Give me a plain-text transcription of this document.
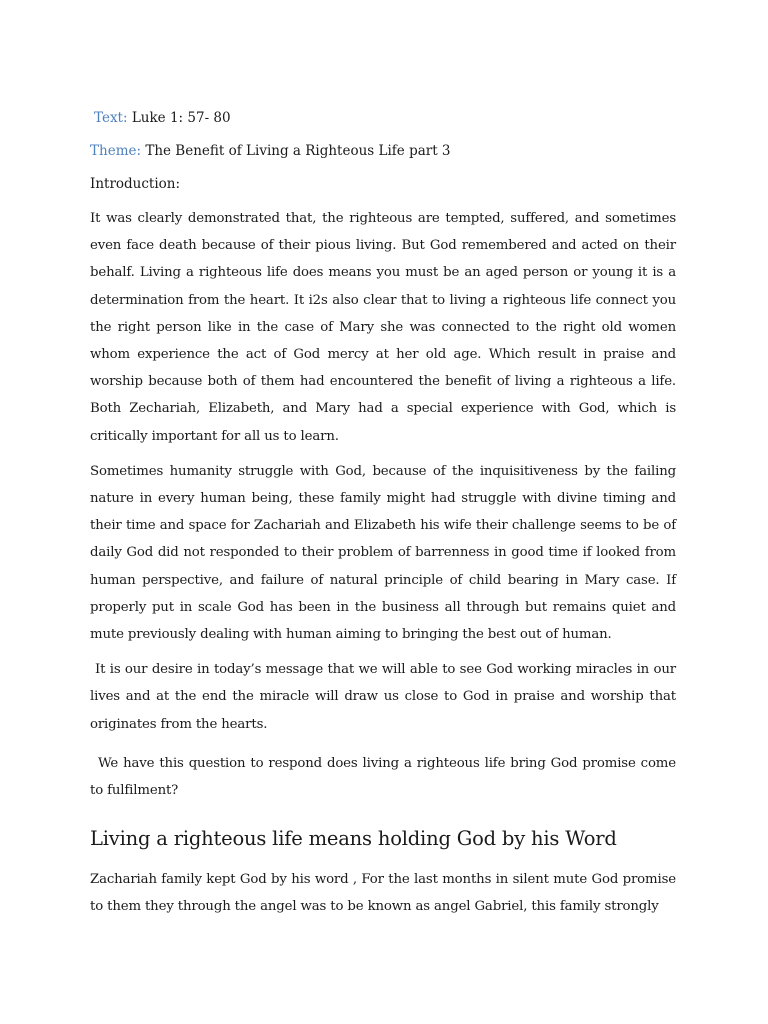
Text: Luke 1: 57- 80
Theme: The Benefit of Living a Righteous Life part 3
Introduction:

It was clearly demonstrated that, the righteous are tempted, suffered, and sometimes even face death because of their pious living. But God remembered and acted on their behalf. Living a righteous life does means you must be an aged person or young it is a determination from the heart. It i2s also clear that to living a righteous life connect you the right person like in the case of Mary she was connected to the right old women whom experience the act of God mercy at her old age. Which result in praise and worship because both of them had encountered the benefit of living a righteous a life. Both Zechariah, Elizabeth, and Mary had a special experience with God, which is critically important for all us to learn.

Sometimes humanity struggle with God, because of the inquisitiveness by the failing nature in every human being, these family might had struggle with divine timing and their time and space for Zachariah and Elizabeth his wife their challenge seems to be of daily God did not responded to their problem of barrenness in good time if looked from human perspective, and failure of natural principle of child bearing in Mary case. If properly put in scale God has been in the business all through but remains quiet and mute previously dealing with human aiming to bringing the best out of human.

It is our desire in today’s message that we will able to see God working miracles in our lives and at the end the miracle will draw us close to God in praise and worship that originates from the hearts.

We have this question to respond does living a righteous life bring God promise come to fulfilment?

Living a righteous life means holding God by his Word

Zachariah family kept God by his word , For the last months in silent mute God promise to them they through the angel was to be known as angel Gabriel, this family strongly
